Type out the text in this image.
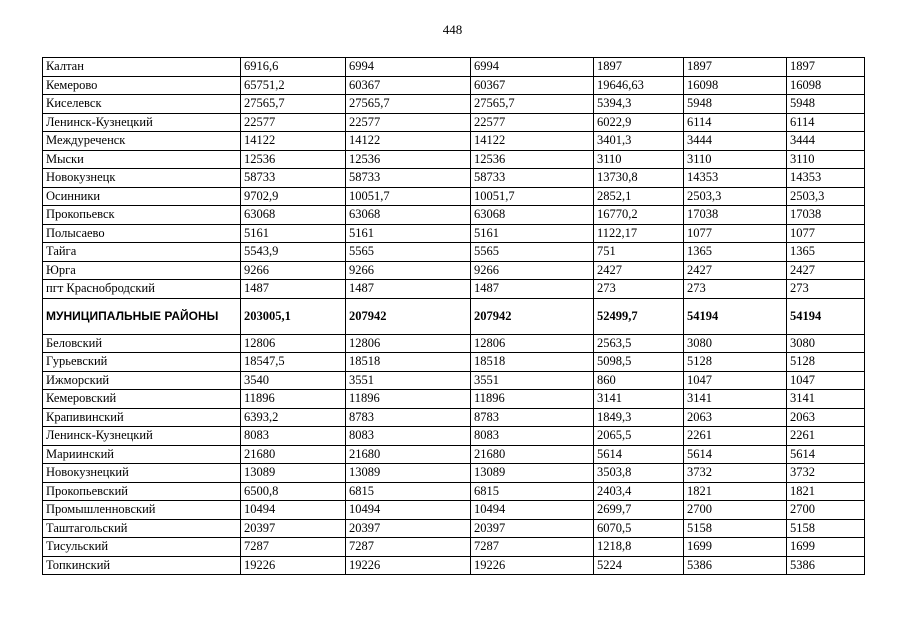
448
Калтан	6916,6	6994	6994	1897	1897	1897
Кемерово	65751,2	60367	60367	19646,63	16098	16098
Киселевск	27565,7	27565,7	27565,7	5394,3	5948	5948
Ленинск-Кузнецкий	22577	22577	22577	6022,9	6114	6114
Междуреченск	14122	14122	14122	3401,3	3444	3444
Мыски	12536	12536	12536	3110	3110	3110
Новокузнецк	58733	58733	58733	13730,8	14353	14353
Осинники	9702,9	10051,7	10051,7	2852,1	2503,3	2503,3
Прокопьевск	63068	63068	63068	16770,2	17038	17038
Полысаево	5161	5161	5161	1122,17	1077	1077
Тайга	5543,9	5565	5565	751	1365	1365
Юрга	9266	9266	9266	2427	2427	2427
пгт Краснобродский	1487	1487	1487	273	273	273
МУНИЦИПАЛЬНЫЕ РАЙОНЫ	203005,1	207942	207942	52499,7	54194	54194
Беловский	12806	12806	12806	2563,5	3080	3080
Гурьевский	18547,5	18518	18518	5098,5	5128	5128
Ижморский	3540	3551	3551	860	1047	1047
Кемеровский	11896	11896	11896	3141	3141	3141
Крапивинский	6393,2	8783	8783	1849,3	2063	2063
Ленинск-Кузнецкий	8083	8083	8083	2065,5	2261	2261
Мариинский	21680	21680	21680	5614	5614	5614
Новокузнецкий	13089	13089	13089	3503,8	3732	3732
Прокопьевский	6500,8	6815	6815	2403,4	1821	1821
Промышленновский	10494	10494	10494	2699,7	2700	2700
Таштагольский	20397	20397	20397	6070,5	5158	5158
Тисульский	7287	7287	7287	1218,8	1699	1699
Топкинский	19226	19226	19226	5224	5386	5386
